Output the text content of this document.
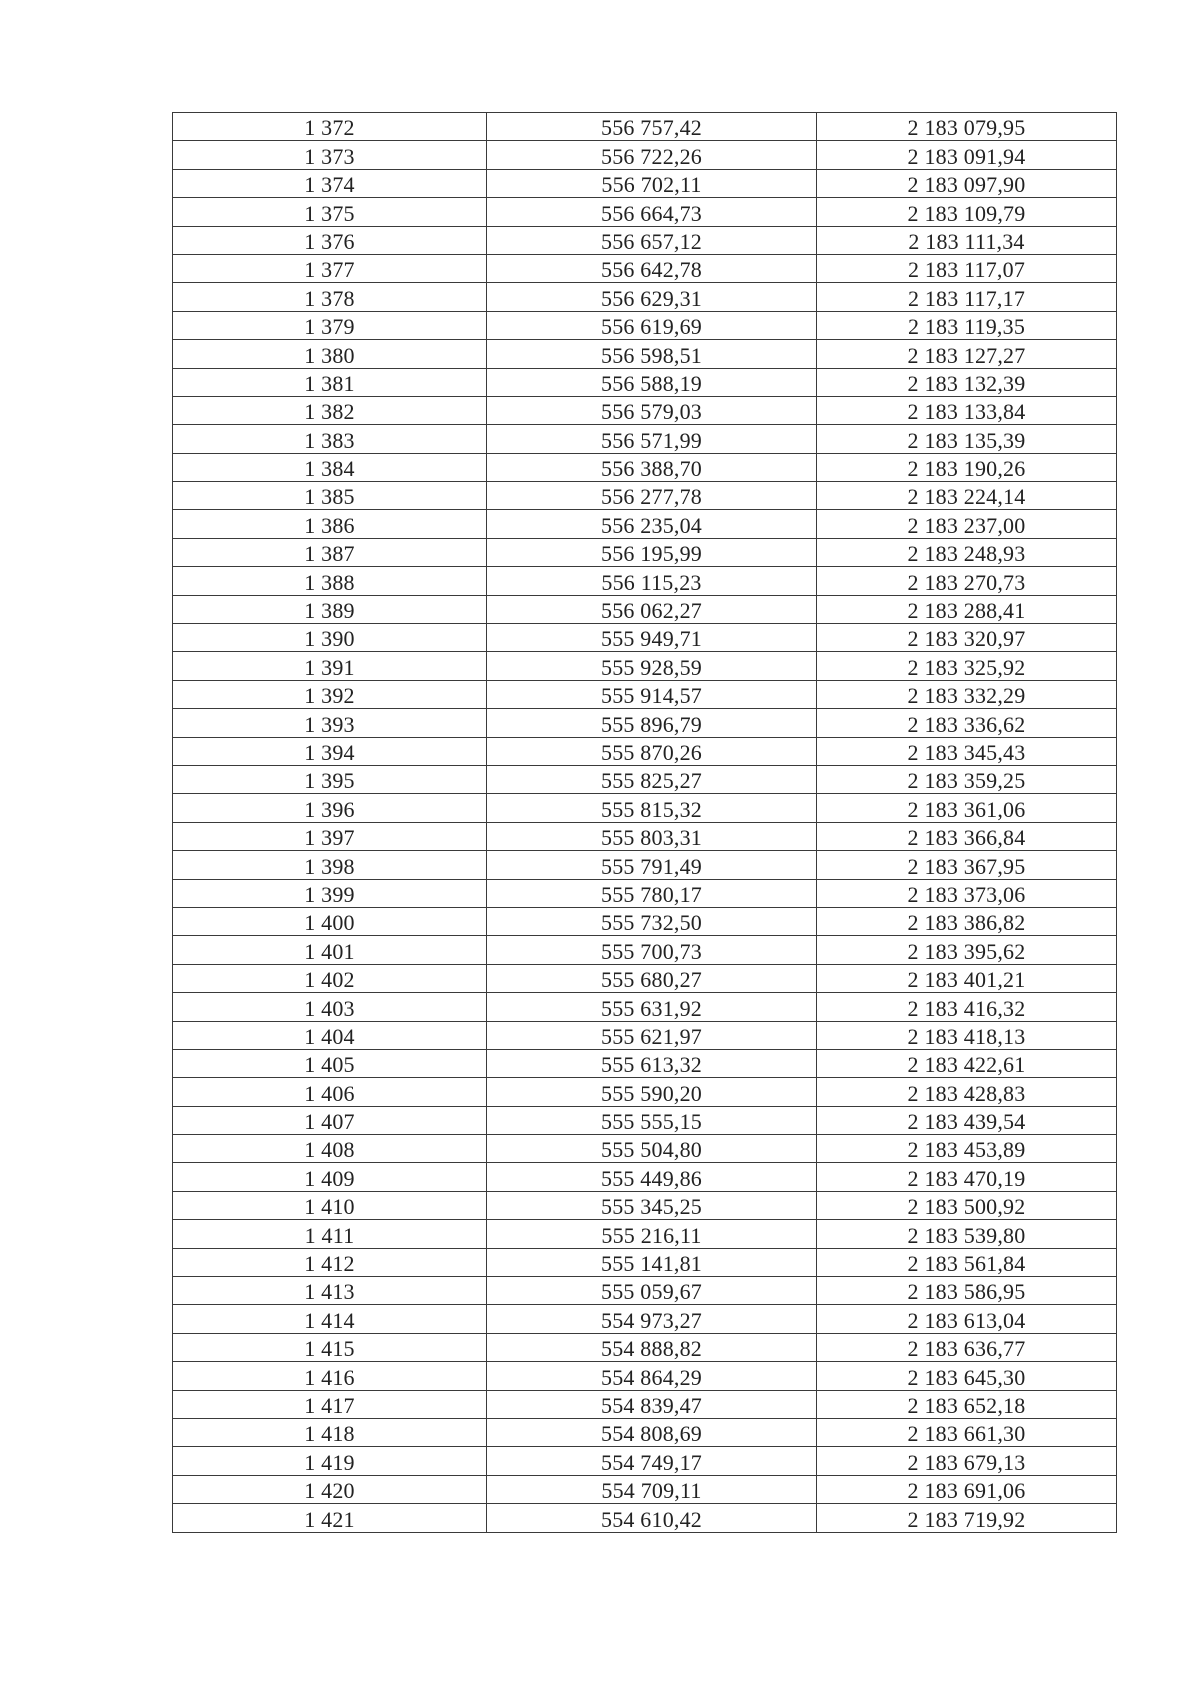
1 372	556 757,42	2 183 079,95
1 373	556 722,26	2 183 091,94
1 374	556 702,11	2 183 097,90
1 375	556 664,73	2 183 109,79
1 376	556 657,12	2 183 111,34
1 377	556 642,78	2 183 117,07
1 378	556 629,31	2 183 117,17
1 379	556 619,69	2 183 119,35
1 380	556 598,51	2 183 127,27
1 381	556 588,19	2 183 132,39
1 382	556 579,03	2 183 133,84
1 383	556 571,99	2 183 135,39
1 384	556 388,70	2 183 190,26
1 385	556 277,78	2 183 224,14
1 386	556 235,04	2 183 237,00
1 387	556 195,99	2 183 248,93
1 388	556 115,23	2 183 270,73
1 389	556 062,27	2 183 288,41
1 390	555 949,71	2 183 320,97
1 391	555 928,59	2 183 325,92
1 392	555 914,57	2 183 332,29
1 393	555 896,79	2 183 336,62
1 394	555 870,26	2 183 345,43
1 395	555 825,27	2 183 359,25
1 396	555 815,32	2 183 361,06
1 397	555 803,31	2 183 366,84
1 398	555 791,49	2 183 367,95
1 399	555 780,17	2 183 373,06
1 400	555 732,50	2 183 386,82
1 401	555 700,73	2 183 395,62
1 402	555 680,27	2 183 401,21
1 403	555 631,92	2 183 416,32
1 404	555 621,97	2 183 418,13
1 405	555 613,32	2 183 422,61
1 406	555 590,20	2 183 428,83
1 407	555 555,15	2 183 439,54
1 408	555 504,80	2 183 453,89
1 409	555 449,86	2 183 470,19
1 410	555 345,25	2 183 500,92
1 411	555 216,11	2 183 539,80
1 412	555 141,81	2 183 561,84
1 413	555 059,67	2 183 586,95
1 414	554 973,27	2 183 613,04
1 415	554 888,82	2 183 636,77
1 416	554 864,29	2 183 645,30
1 417	554 839,47	2 183 652,18
1 418	554 808,69	2 183 661,30
1 419	554 749,17	2 183 679,13
1 420	554 709,11	2 183 691,06
1 421	554 610,42	2 183 719,92
